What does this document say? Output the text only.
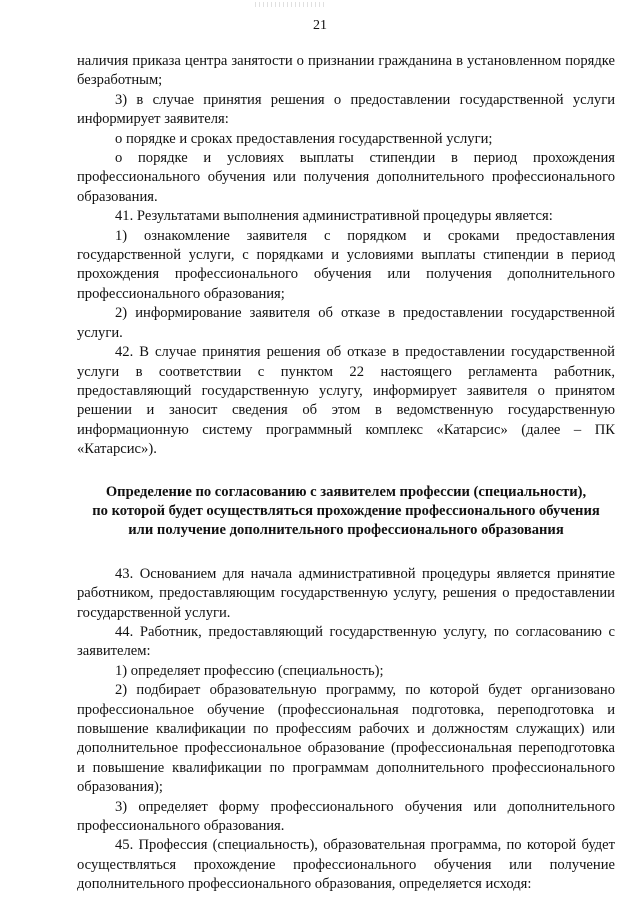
21

наличия приказа центра занятости о признании гражданина в установленном порядке безработным;

3) в случае принятия решения о предоставлении государственной услуги информирует заявителя:

о порядке и сроках предоставления государственной услуги;

о порядке и условиях выплаты стипендии в период прохождения профессионального обучения или получения дополнительного профессионального образования.

41. Результатами выполнения административной процедуры является:

1) ознакомление заявителя с порядком и сроками предоставления государственной услуги, с порядками и условиями выплаты стипендии в период прохождения профессионального обучения или получения дополнительного профессионального образования;

2) информирование заявителя об отказе в предоставлении государственной услуги.

42. В случае принятия решения об отказе в предоставлении государственной услуги в соответствии с пунктом 22 настоящего регламента работник, предоставляющий государственную услугу, информирует заявителя о принятом решении и заносит сведения об этом в ведомственную государственную информационную систему программный комплекс «Катарсис» (далее – ПК «Катарсис»).

Определение по согласованию с заявителем профессии (специальности),
по которой будет осуществляться прохождение профессионального обучения
или получение дополнительного профессионального образования

43. Основанием для начала административной процедуры является принятие работником, предоставляющим государственную услугу, решения о предоставлении государственной услуги.

44. Работник, предоставляющий государственную услугу, по согласованию с заявителем:

1) определяет профессию (специальность);

2) подбирает образовательную программу, по которой будет организовано профессиональное обучение (профессиональная подготовка, переподготовка и повышение квалификации по профессиям рабочих и должностям служащих) или дополнительное профессиональное образование (профессиональная переподготовка и повышение квалификации по программам дополнительного профессионального образования);

3) определяет форму профессионального обучения или дополнительного профессионального образования.

45. Профессия (специальность), образовательная программа, по которой будет осуществляться прохождение профессионального обучения или получение дополнительного профессионального образования, определяется исходя:
